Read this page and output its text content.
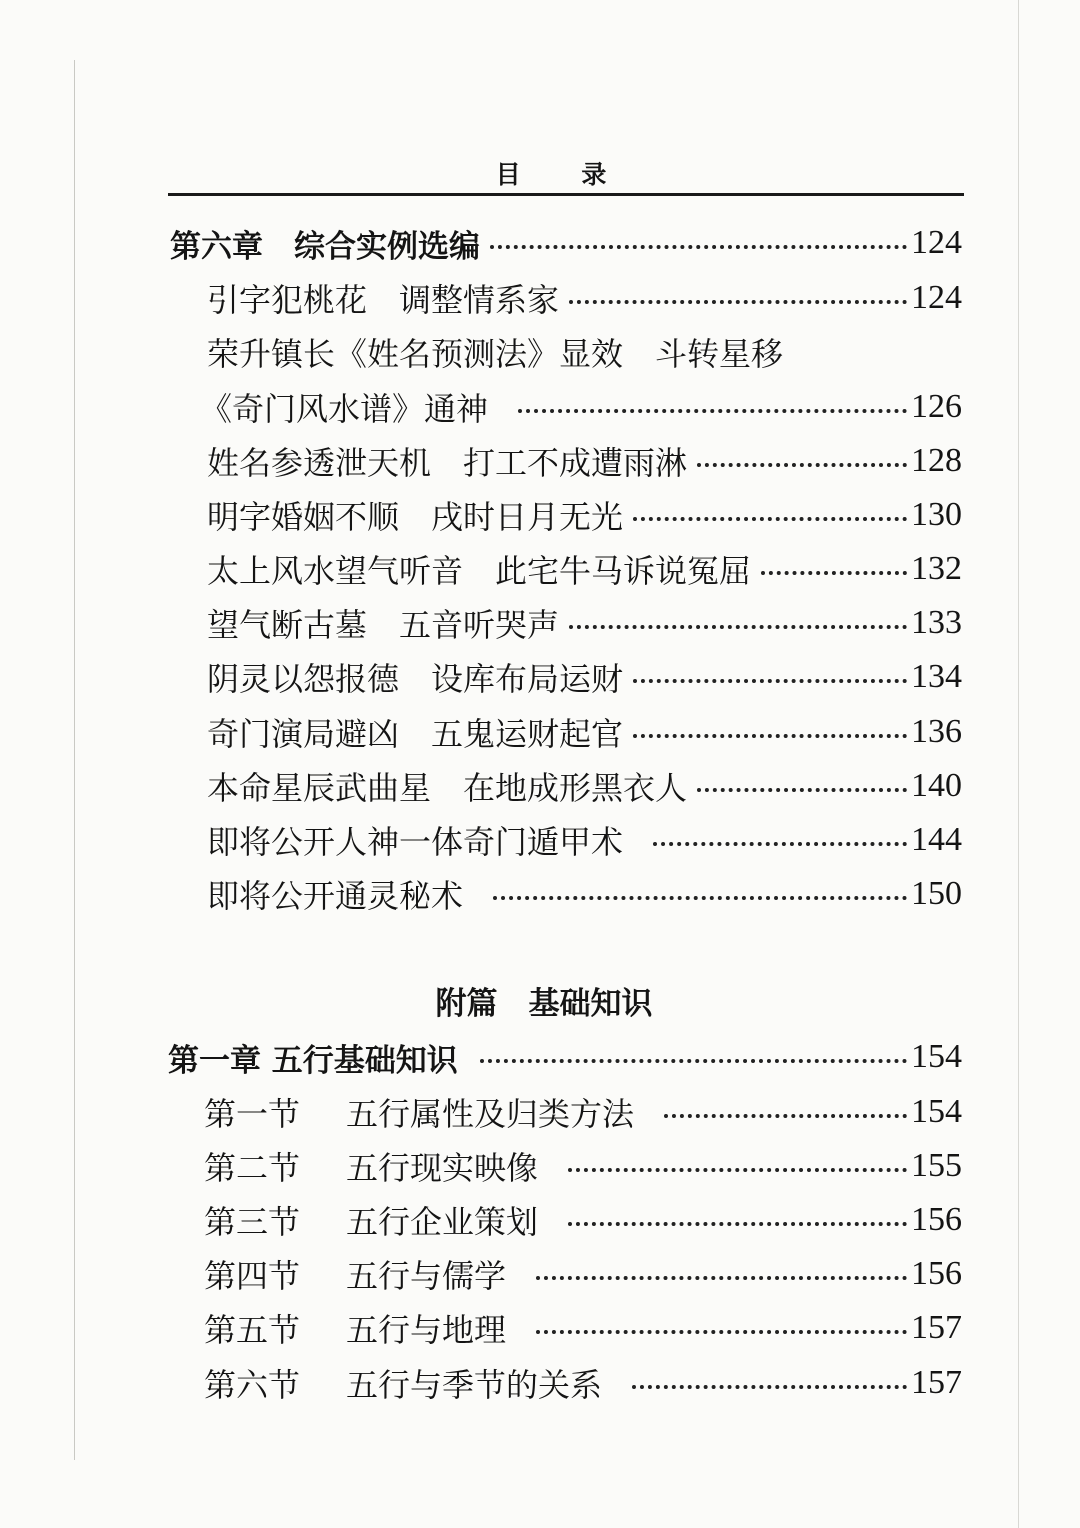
目 录
第六章　综合实例选编	124
引字犯桃花　调整情系家	124
荣升镇长《姓名预测法》显效　斗转星移
《奇门风水谱》通神	126
姓名参透泄天机　打工不成遭雨淋	128
明字婚姻不顺　戌时日月无光	130
太上风水望气听音　此宅牛马诉说冤屈	132
望气断古墓　五音听哭声	133
阴灵以怨报德　设库布局运财	134
奇门演局避凶　五鬼运财起官	136
本命星辰武曲星　在地成形黑衣人	140
即将公开人神一体奇门遁甲术	144
即将公开通灵秘术	150
附篇　基础知识
第一章 五行基础知识	154
第一节	五行属性及归类方法	154
第二节	五行现实映像	155
第三节	五行企业策划	156
第四节	五行与儒学	156
第五节	五行与地理	157
第六节	五行与季节的关系	157
